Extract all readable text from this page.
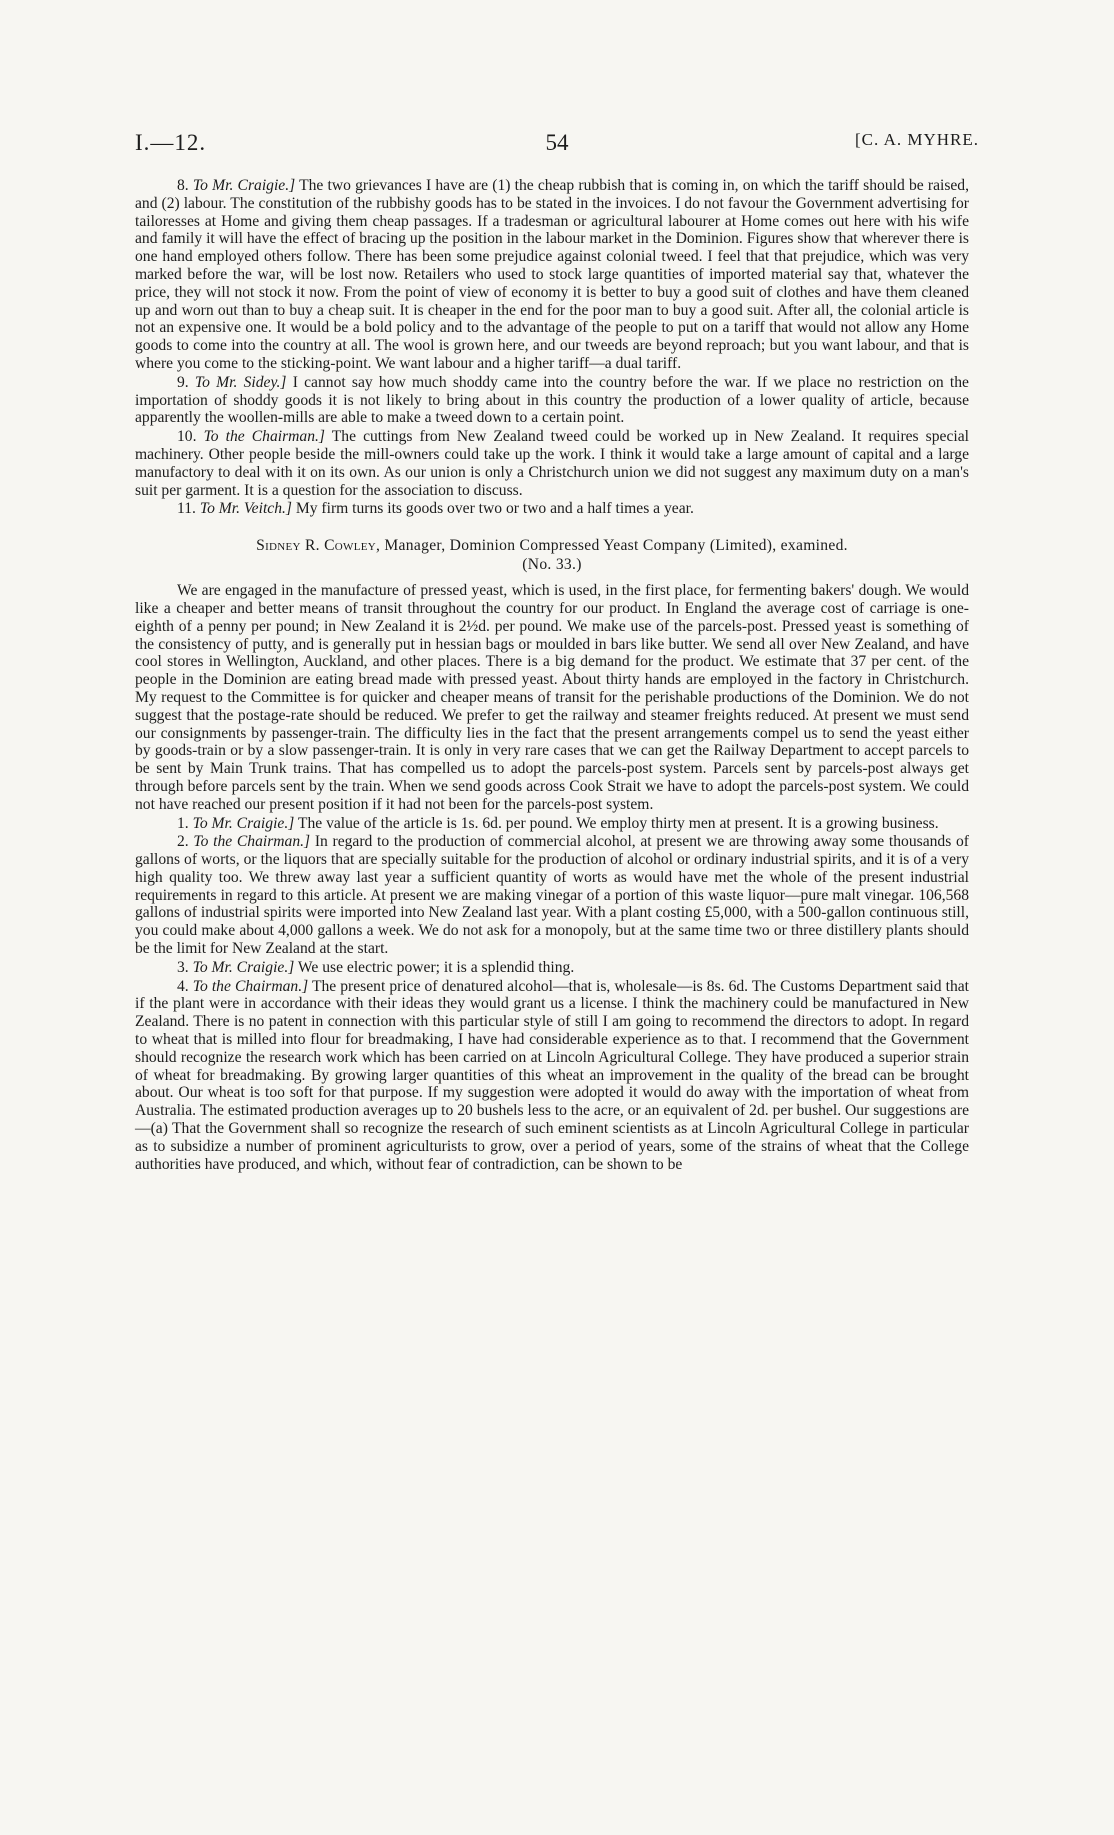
I.—12.	54	[C. A. MYHRE.

8. To Mr. Craigie.] The two grievances I have are (1) the cheap rubbish that is coming in, on which the tariff should be raised, and (2) labour. The constitution of the rubbishy goods has to be stated in the invoices. I do not favour the Government advertising for tailoresses at Home and giving them cheap passages. If a tradesman or agricultural labourer at Home comes out here with his wife and family it will have the effect of bracing up the position in the labour market in the Dominion. Figures show that wherever there is one hand employed others follow. There has been some prejudice against colonial tweed. I feel that that prejudice, which was very marked before the war, will be lost now. Retailers who used to stock large quantities of imported material say that, whatever the price, they will not stock it now. From the point of view of economy it is better to buy a good suit of clothes and have them cleaned up and worn out than to buy a cheap suit. It is cheaper in the end for the poor man to buy a good suit. After all, the colonial article is not an expensive one. It would be a bold policy and to the advantage of the people to put on a tariff that would not allow any Home goods to come into the country at all. The wool is grown here, and our tweeds are beyond reproach; but you want labour, and that is where you come to the sticking-point. We want labour and a higher tariff—a dual tariff.

9. To Mr. Sidey.] I cannot say how much shoddy came into the country before the war. If we place no restriction on the importation of shoddy goods it is not likely to bring about in this country the production of a lower quality of article, because apparently the woollen-mills are able to make a tweed down to a certain point.

10. To the Chairman.] The cuttings from New Zealand tweed could be worked up in New Zealand. It requires special machinery. Other people beside the mill-owners could take up the work. I think it would take a large amount of capital and a large manufactory to deal with it on its own. As our union is only a Christchurch union we did not suggest any maximum duty on a man's suit per garment. It is a question for the association to discuss.

11. To Mr. Veitch.] My firm turns its goods over two or two and a half times a year.

Sidney R. Cowley, Manager, Dominion Compressed Yeast Company (Limited), examined.
(No. 33.)

We are engaged in the manufacture of pressed yeast, which is used, in the first place, for fermenting bakers' dough. We would like a cheaper and better means of transit throughout the country for our product. In England the average cost of carriage is one-eighth of a penny per pound; in New Zealand it is 2½d. per pound. We make use of the parcels-post. Pressed yeast is something of the consistency of putty, and is generally put in hessian bags or moulded in bars like butter. We send all over New Zealand, and have cool stores in Wellington, Auckland, and other places. There is a big demand for the product. We estimate that 37 per cent. of the people in the Dominion are eating bread made with pressed yeast. About thirty hands are employed in the factory in Christchurch. My request to the Committee is for quicker and cheaper means of transit for the perishable productions of the Dominion. We do not suggest that the postage-rate should be reduced. We prefer to get the railway and steamer freights reduced. At present we must send our consignments by passenger-train. The difficulty lies in the fact that the present arrangements compel us to send the yeast either by goods-train or by a slow passenger-train. It is only in very rare cases that we can get the Railway Department to accept parcels to be sent by Main Trunk trains. That has compelled us to adopt the parcels-post system. Parcels sent by parcels-post always get through before parcels sent by the train. When we send goods across Cook Strait we have to adopt the parcels-post system. We could not have reached our present position if it had not been for the parcels-post system.

1. To Mr. Craigie.] The value of the article is 1s. 6d. per pound. We employ thirty men at present. It is a growing business.

2. To the Chairman.] In regard to the production of commercial alcohol, at present we are throwing away some thousands of gallons of worts, or the liquors that are specially suitable for the production of alcohol or ordinary industrial spirits, and it is of a very high quality too. We threw away last year a sufficient quantity of worts as would have met the whole of the present industrial requirements in regard to this article. At present we are making vinegar of a portion of this waste liquor—pure malt vinegar. 106,568 gallons of industrial spirits were imported into New Zealand last year. With a plant costing £5,000, with a 500-gallon continuous still, you could make about 4,000 gallons a week. We do not ask for a monopoly, but at the same time two or three distillery plants should be the limit for New Zealand at the start.

3. To Mr. Craigie.] We use electric power; it is a splendid thing.

4. To the Chairman.] The present price of denatured alcohol—that is, wholesale—is 8s. 6d. The Customs Department said that if the plant were in accordance with their ideas they would grant us a license. I think the machinery could be manufactured in New Zealand. There is no patent in connection with this particular style of still I am going to recommend the directors to adopt. In regard to wheat that is milled into flour for breadmaking, I have had considerable experience as to that. I recommend that the Government should recognize the research work which has been carried on at Lincoln Agricultural College. They have produced a superior strain of wheat for breadmaking. By growing larger quantities of this wheat an improvement in the quality of the bread can be brought about. Our wheat is too soft for that purpose. If my suggestion were adopted it would do away with the importation of wheat from Australia. The estimated production averages up to 20 bushels less to the acre, or an equivalent of 2d. per bushel. Our suggestions are—(a) That the Government shall so recognize the research of such eminent scientists as at Lincoln Agricultural College in particular as to subsidize a number of prominent agriculturists to grow, over a period of years, some of the strains of wheat that the College authorities have produced, and which, without fear of contradiction, can be shown to be
